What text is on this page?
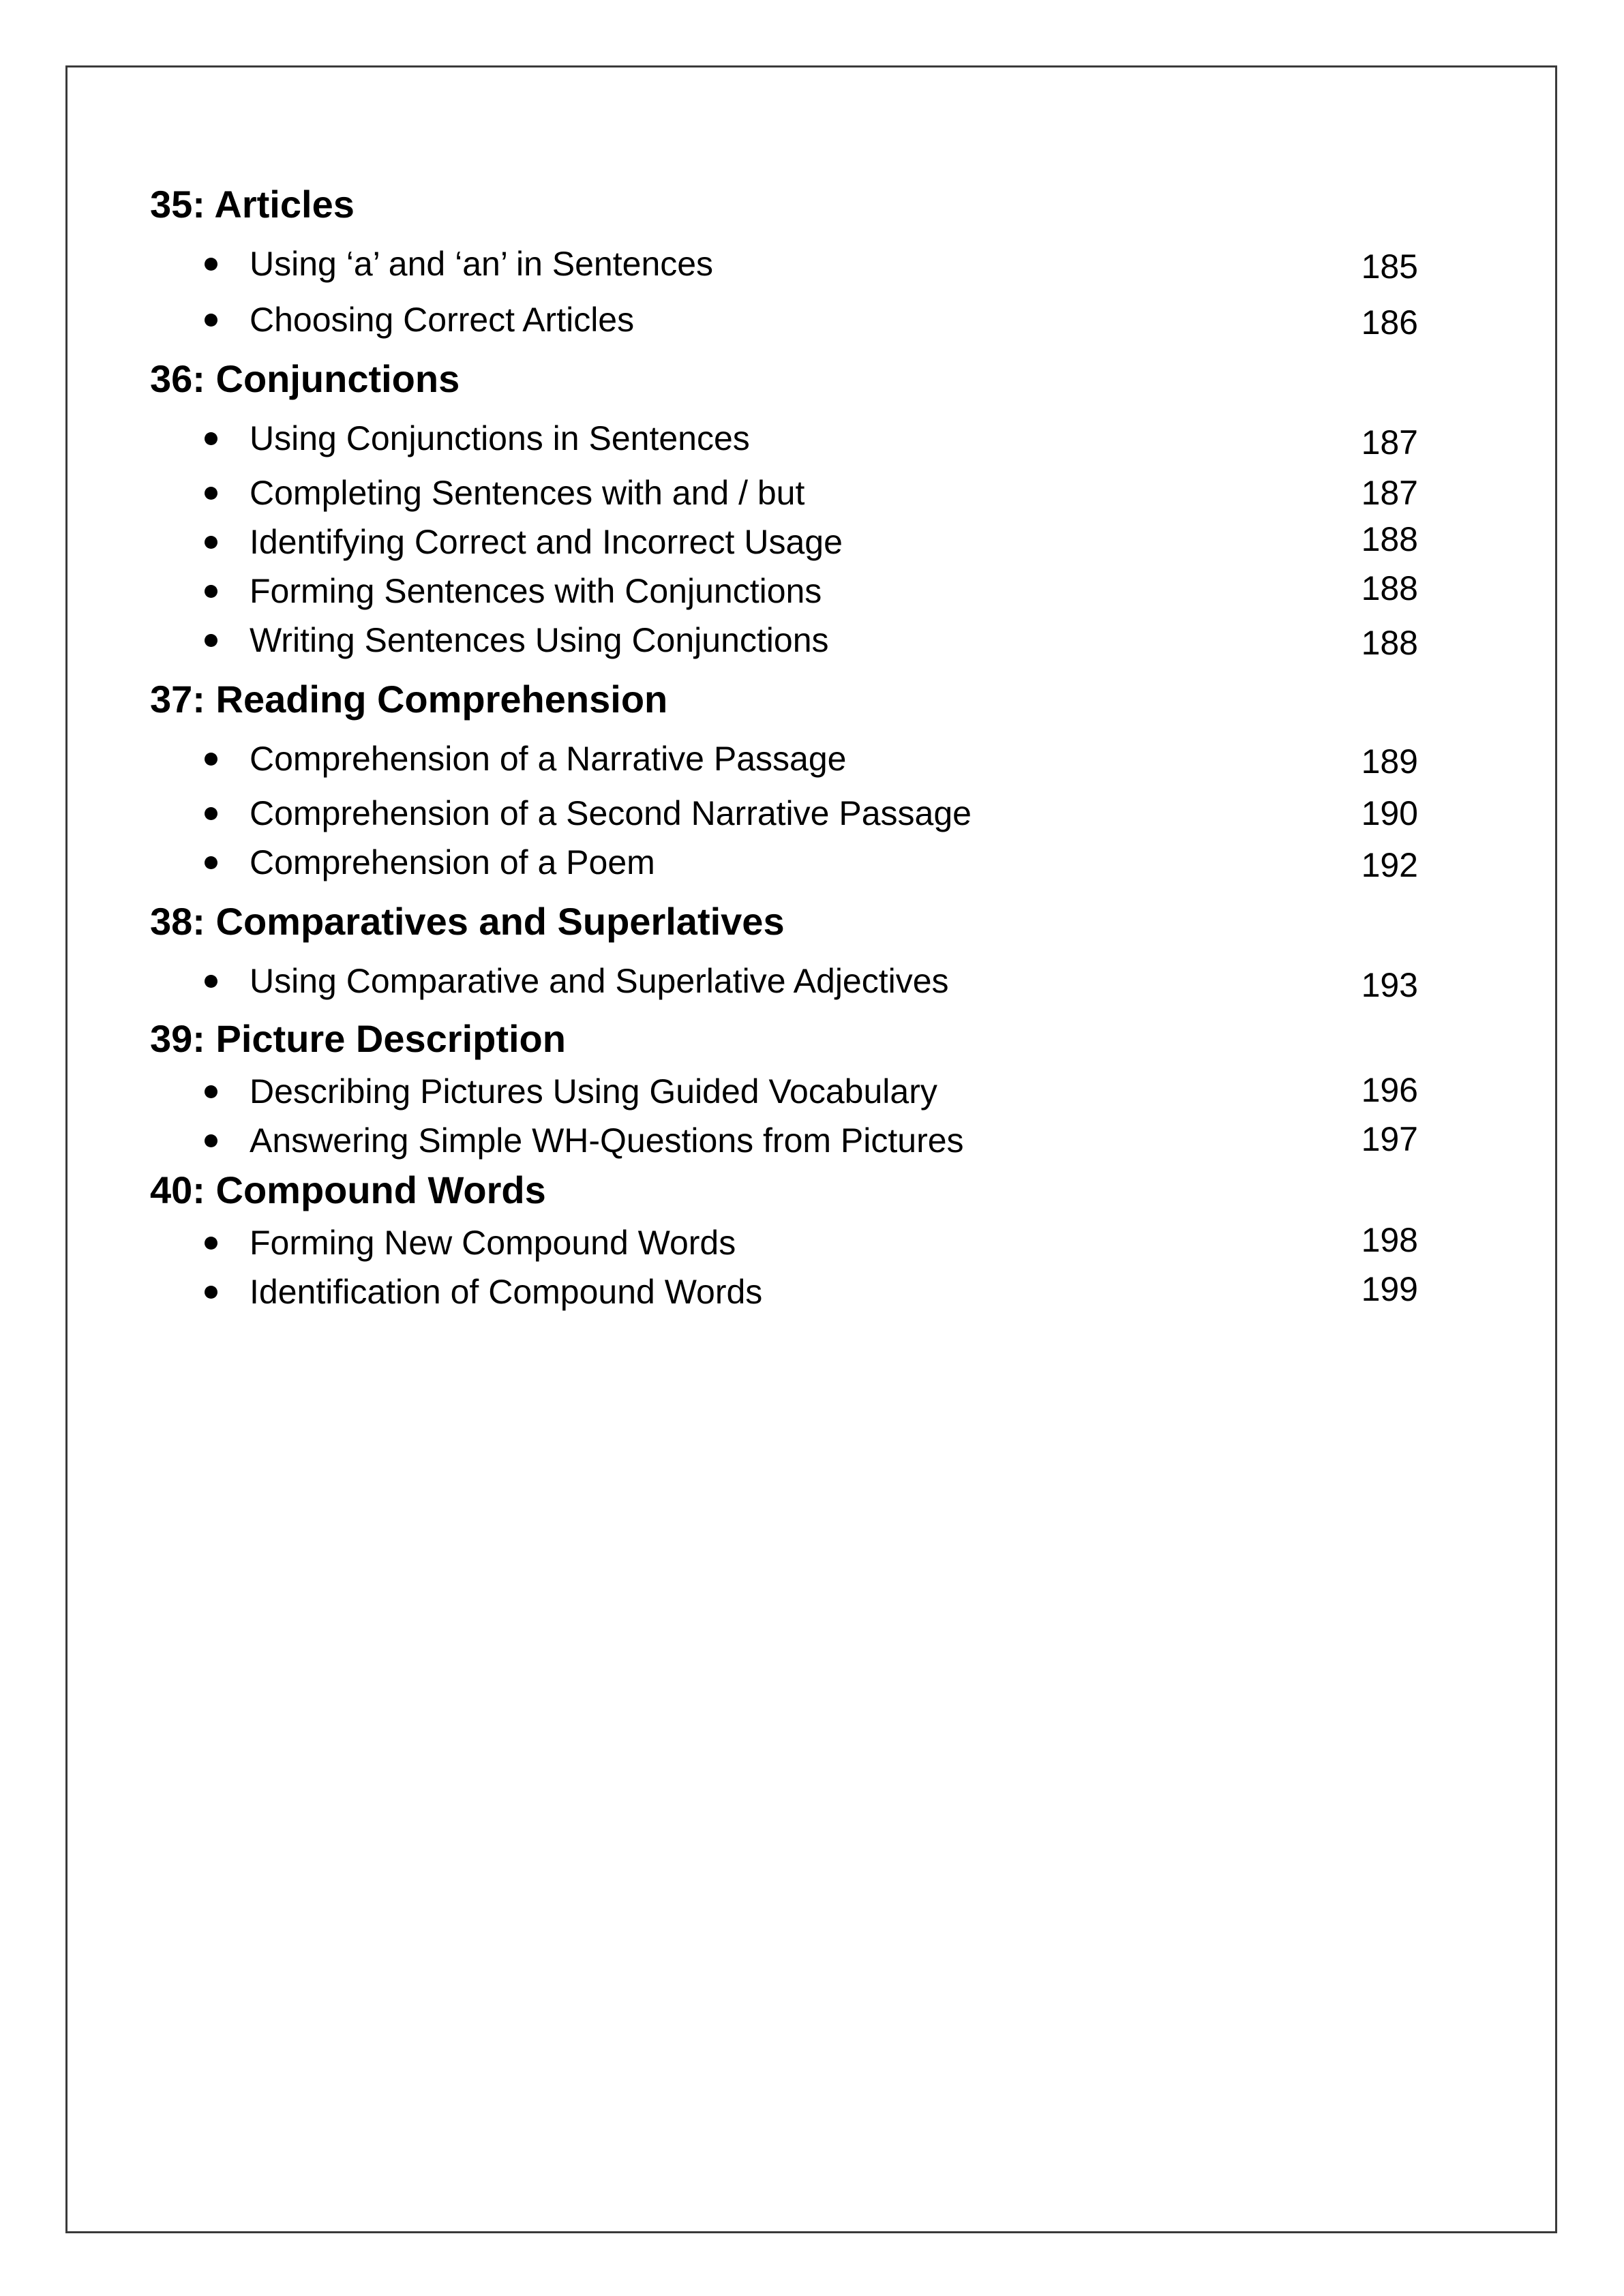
35: Articles
Using ‘a’ and ‘an’ in Sentences	185
Choosing Correct Articles	186
36: Conjunctions
Using Conjunctions in Sentences	187
Completing Sentences with and / but	187
Identifying Correct and Incorrect Usage	188
Forming Sentences with Conjunctions	188
Writing Sentences Using Conjunctions	188
37: Reading Comprehension
Comprehension of a Narrative Passage	189
Comprehension of a Second Narrative Passage	190
Comprehension of a Poem	192
38: Comparatives and Superlatives
Using Comparative and Superlative Adjectives	193
39: Picture Description
Describing Pictures Using Guided Vocabulary	196
Answering Simple WH-Questions from Pictures	197
40: Compound Words
Forming New Compound Words	198
Identification of Compound Words	199
